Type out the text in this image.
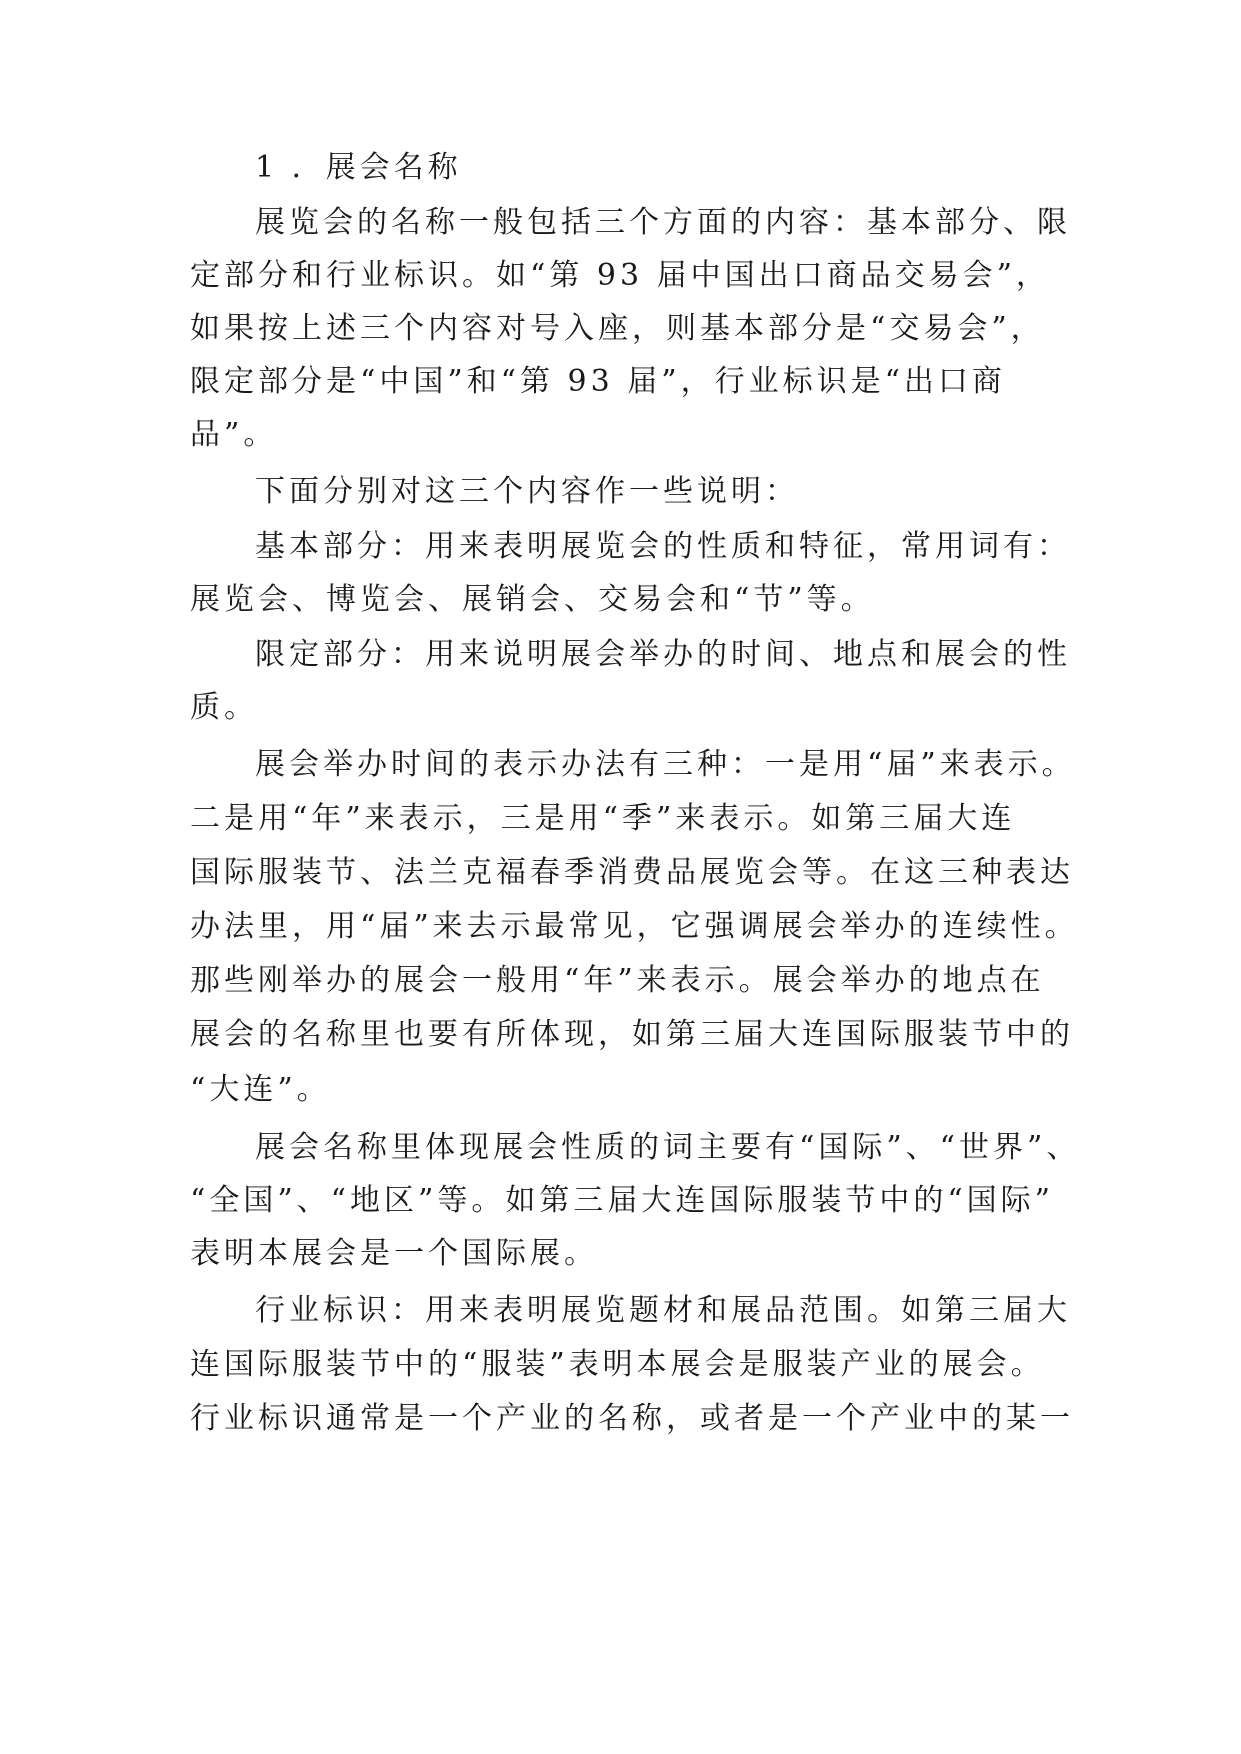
1 ．展会名称

展览会的名称一般包括三个方面的内容：基本部分、限

定部分和行业标识。如“第 93 届中国出口商品交易会”，

如果按上述三个内容对号入座，则基本部分是“交易会”，

限定部分是“中国”和“第 93 届”，行业标识是“出口商

品”。

下面分别对这三个内容作一些说明：

基本部分：用来表明展览会的性质和特征，常用词有：

展览会、博览会、展销会、交易会和“节”等。

限定部分：用来说明展会举办的时间、地点和展会的性

质。

展会举办时间的表示办法有三种：一是用“届”来表示。

二是用“年”来表示，三是用“季”来表示。如第三届大连

国际服装节、法兰克福春季消费品展览会等。在这三种表达

办法里，用“届”来去示最常见，它强调展会举办的连续性。

那些刚举办的展会一般用“年”来表示。展会举办的地点在

展会的名称里也要有所体现，如第三届大连国际服装节中的

“大连”。

展会名称里体现展会性质的词主要有“国际”、“世界”、

“全国”、“地区”等。如第三届大连国际服装节中的“国际”

表明本展会是一个国际展。

行业标识：用来表明展览题材和展品范围。如第三届大

连国际服装节中的“服装”表明本展会是服装产业的展会。

行业标识通常是一个产业的名称，或者是一个产业中的某一
